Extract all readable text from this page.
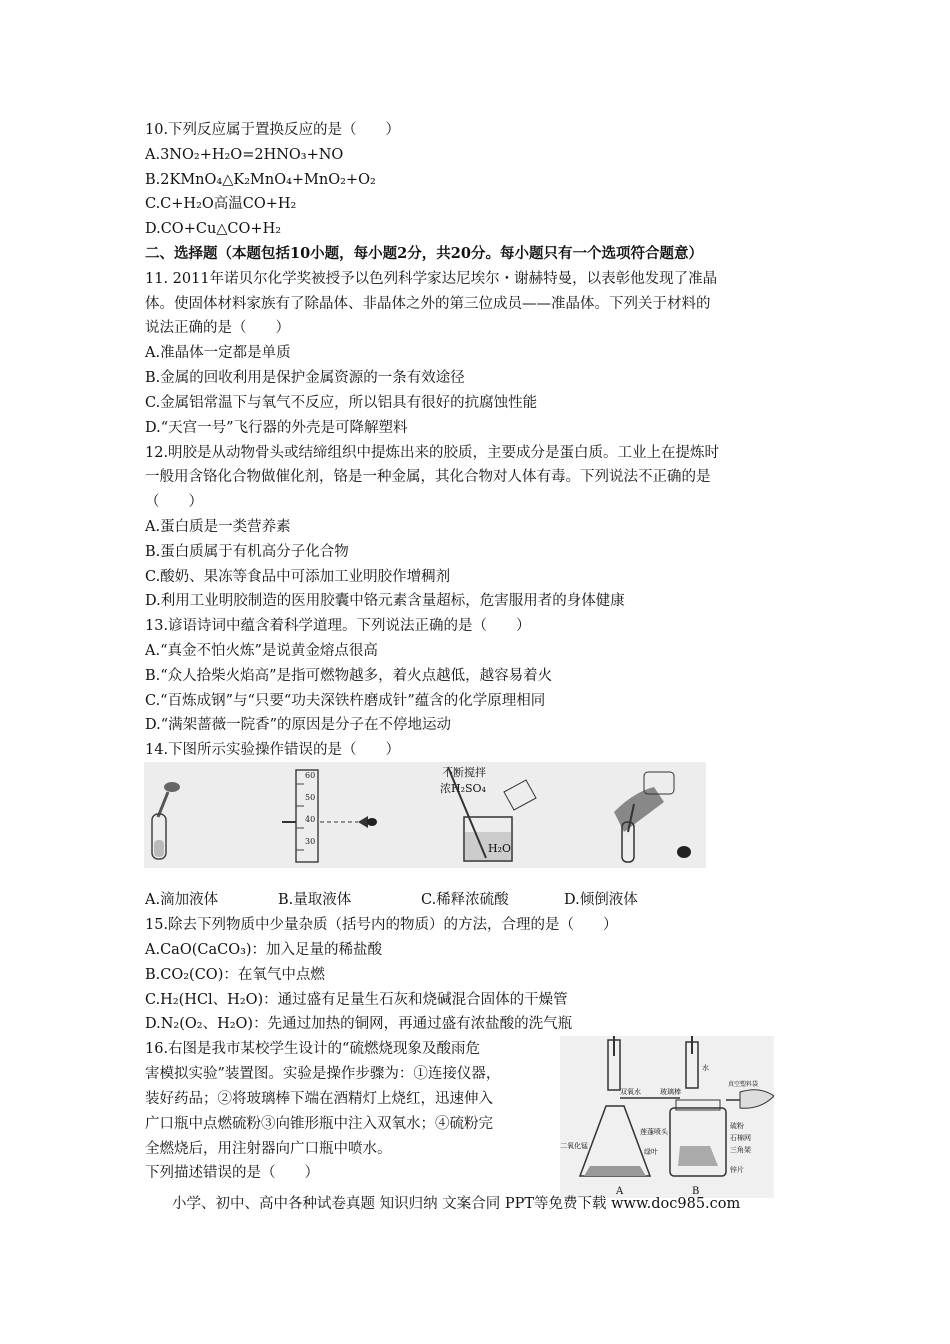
10.下列反应属于置换反应的是（　　）
A.3NO₂+H₂O=2HNO₃+NO
B.2KMnO₄△K₂MnO₄+MnO₂+O₂
C.C+H₂O高温CO+H₂
D.CO+Cu△CO+H₂
二、选择题（本题包括10小题，每小题2分，共20分。每小题只有一个选项符合题意）
11. 2011年诺贝尔化学奖被授予以色列科学家达尼埃尔・谢赫特曼，以表彰他发现了准晶
体。使固体材料家族有了除晶体、非晶体之外的第三位成员——准晶体。下列关于材料的
说法正确的是（　　）
A.准晶体一定都是单质
B.金属的回收利用是保护金属资源的一条有效途径
C.金属铝常温下与氧气不反应，所以铝具有很好的抗腐蚀性能
D.“天宫一号”飞行器的外壳是可降解塑料
12.明胶是从动物骨头或结缔组织中提炼出来的胶质，主要成分是蛋白质。工业上在提炼时
一般用含铬化合物做催化剂，铬是一种金属，其化合物对人体有毒。下列说法不正确的是
（　　）
A.蛋白质是一类营养素
B.蛋白质属于有机高分子化合物
C.酸奶、果冻等食品中可添加工业明胶作增稠剂
D.利用工业明胶制造的医用胶囊中铬元素含量超标，危害服用者的身体健康
13.谚语诗词中蕴含着科学道理。下列说法正确的是（　　）
A.“真金不怕火炼”是说黄金熔点很高
B.“众人拾柴火焰高”是指可燃物越多，着火点越低，越容易着火
C.“百炼成钢”与“只要“功夫深铁杵磨成针”蕴含的化学原理相同
D.“满架蔷薇一院香”的原因是分子在不停地运动
14.下图所示实验操作错误的是（　　）
60
50
40
30
不断搅拌
浓H₂SO₄
H₂O
A.滴加液体	B.量取液体	C.稀释浓硫酸	D.倾倒液体
15.除去下列物质中少量杂质（括号内的物质）的方法，合理的是（　　）
A.CaO(CaCO₃)：加入足量的稀盐酸
B.CO₂(CO)：在氧气中点燃
C.H₂(HCl、H₂O)：通过盛有足量生石灰和烧碱混合固体的干燥管
D.N₂(O₂、H₂O)：先通过加热的铜网，再通过盛有浓盐酸的洗气瓶
16.右图是我市某校学生设计的“硫燃烧现象及酸雨危
害模拟实验”装置图。实验是操作步骤为：①连接仪器，
装好药品；②将玻璃棒下端在酒精灯上烧红，迅速伸入
广口瓶中点燃硫粉③向锥形瓶中注入双氧水；④硫粉完
全燃烧后，用注射器向广口瓶中喷水。
下列描述错误的是（　　）
双氧水
二氧化锰
A
玻璃棒
水
真空塑料袋
硫粉
石棉网
三角架
莲蓬喷头
绿叶
锌片
B
小学、初中、高中各种试卷真题 知识归纳 文案合同 PPT等免费下载 www.doc985.com
